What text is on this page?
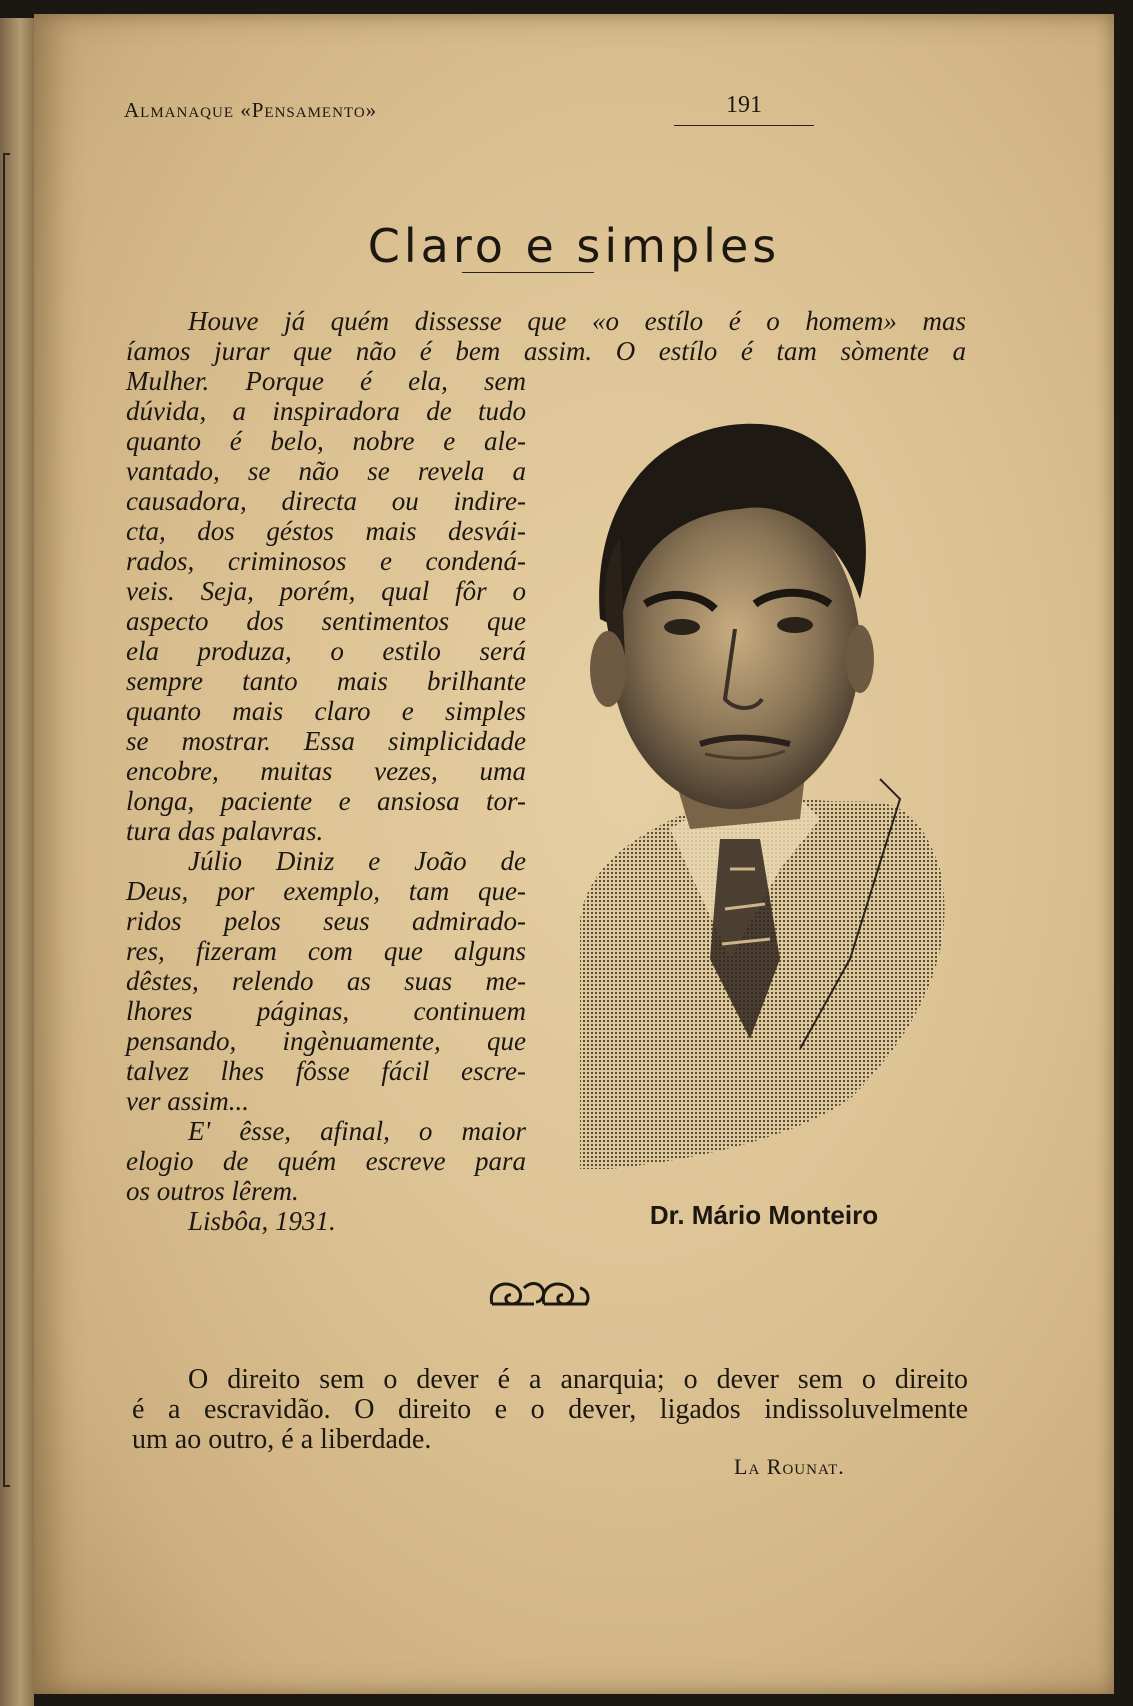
Almanaque «Pensamento»	191
Claro e simples
Houve já quém dissesse que «o estílo é o homem» mas
íamos jurar que não é bem assim. O estílo é tam sòmente a
Mulher. Porque é ela, sem
dúvida, a inspiradora de tudo
quanto é belo, nobre e ale-
vantado, se não se revela a
causadora, directa ou indire-
cta, dos géstos mais desvái-
rados, criminosos e condená-
veis. Seja, porém, qual fôr o
aspecto dos sentimentos que
ela produza, o estilo será
sempre tanto mais brilhante
quanto mais claro e simples
se mostrar. Essa simplicidade
encobre, muitas vezes, uma
longa, paciente e ansiosa tor-
tura das palavras.
Júlio Diniz e João de
Deus, por exemplo, tam que-
ridos pelos seus admirado-
res, fizeram com que alguns
dêstes, relendo as suas me-
lhores páginas, continuem
pensando, ingènuamente, que
talvez lhes fôsse fácil escre-
ver assim...
E' êsse, afinal, o maior
elogio de quém escreve para
os outros lêrem.
Lisbôa, 1931.	Dr. Mário Monteiro
O direito sem o dever é a anarquia; o dever sem o direito
é a escravidão. O direito e o dever, ligados indissoluvelmente
um ao outro, é a liberdade.
La Rounat.
